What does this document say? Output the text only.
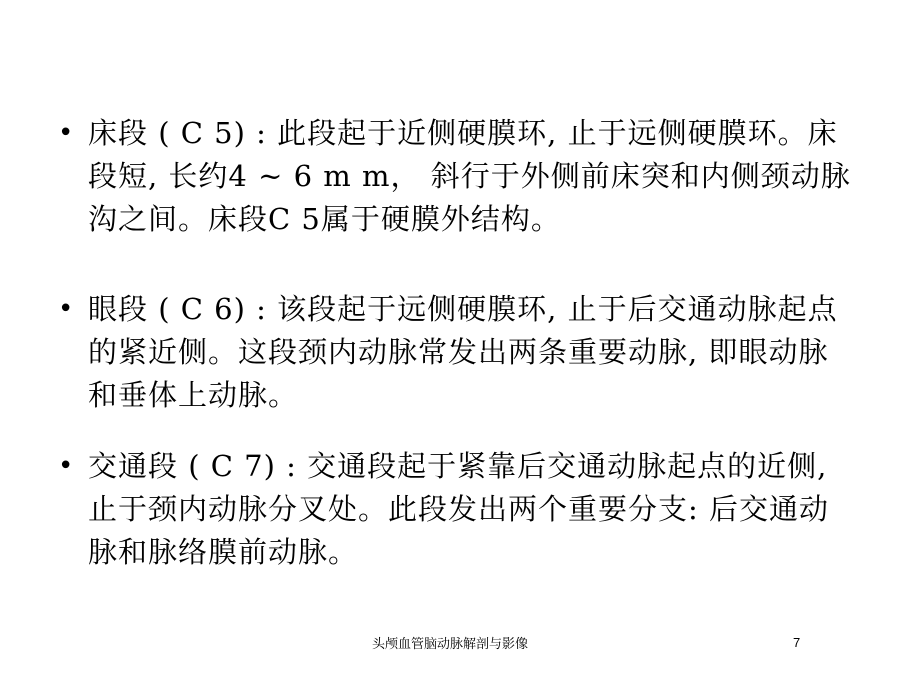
• 床段 ( C 5) : 此段起于近侧硬膜环, 止于远侧硬膜环。床段短, 长约4 ~ 6 m m， 斜行于外侧前床突和内侧颈动脉沟之间。床段C 5属于硬膜外结构。
• 眼段 ( C 6) : 该段起于远侧硬膜环, 止于后交通动脉起点的紧近侧。这段颈内动脉常发出两条重要动脉, 即眼动脉和垂体上动脉。
• 交通段 ( C 7) : 交通段起于紧靠后交通动脉起点的近侧, 止于颈内动脉分叉处。此段发出两个重要分支: 后交通动脉和脉络膜前动脉。
头颅血管脑动脉解剖与影像	7
